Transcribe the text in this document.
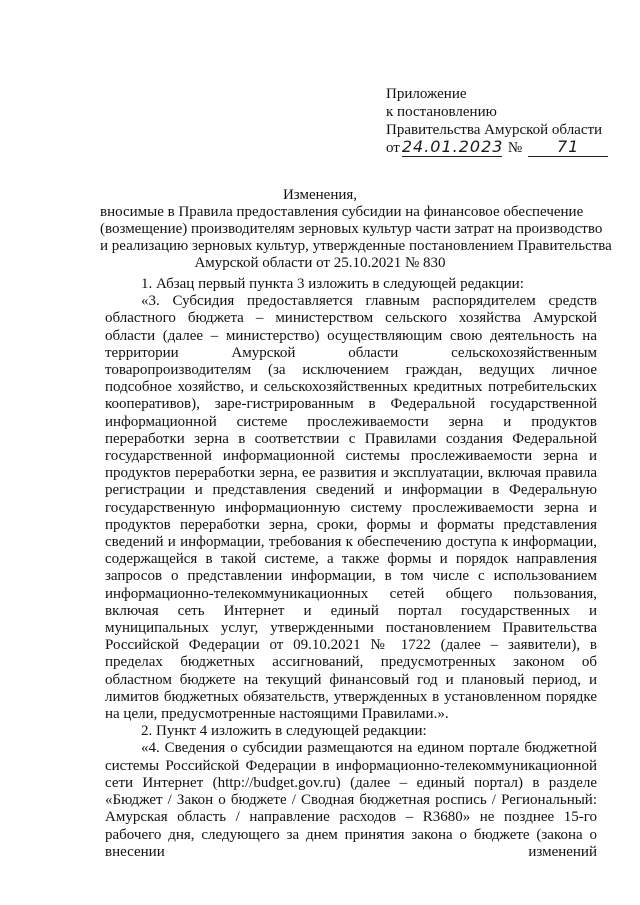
Приложение
к постановлению
Правительства Амурской области
от 24.01.2023 №	71
Изменения,
вносимые в Правила предоставления субсидии на финансовое обеспечение
(возмещение) производителям зерновых культур части затрат на производство
и реализацию зерновых культур, утвержденные постановлением Правительства
Амурской области от 25.10.2021 № 830

1. Абзац первый пункта 3 изложить в следующей редакции:

«3. Субсидия предоставляется главным распорядителем средств областного бюджета – министерством сельского хозяйства Амурской области (далее – министерство) осуществляющим свою деятельность на территории Амурской области сельскохозяйственным товаропроизводителям (за исключением граждан, ведущих личное подсобное хозяйство, и сельскохозяйственных кредитных потребительских кооперативов), заре-гистрированным в Федеральной государственной информационной системе прослеживаемости зерна и продуктов переработки зерна в соответствии с Правилами создания Федеральной государственной информационной системы прослеживаемости зерна и продуктов переработки зерна, ее развития и эксплуатации, включая правила регистрации и представления сведений и информации в Федеральную государственную информационную систему прослеживаемости зерна и продуктов переработки зерна, сроки, формы и форматы представления сведений и информации, требования к обеспечению доступа к информации, содержащейся в такой системе, а также формы и порядок направления запросов о представлении информации, в том числе с использованием информационно-телекоммуникационных сетей общего пользования, включая сеть Интернет и единый портал государственных и муниципальных услуг, утвержденными постановлением Правительства Российской Федерации от 09.10.2021 № 1722 (далее – заявители), в пределах бюджетных ассигнований, предусмотренных законом об областном бюджете на текущий финансовый год и плановый период, и лимитов бюджетных обязательств, утвержденных в установленном порядке на цели, предусмотренные настоящими Правилами.».

2. Пункт 4 изложить в следующей редакции:

«4. Сведения о субсидии размещаются на едином портале бюджетной системы Российской Федерации в информационно-телекоммуникационной сети Интернет (http://budget.gov.ru) (далее – единый портал) в разделе «Бюджет / Закон о бюджете / Сводная бюджетная роспись / Региональный: Амурская область / направление расходов – R3680» не позднее 15-го рабочего дня, следующего за днем принятия закона о бюджете (закона о внесении изменений
